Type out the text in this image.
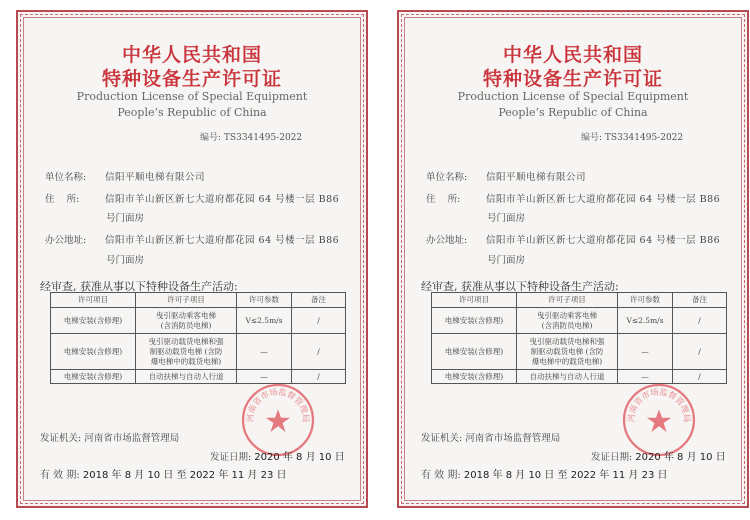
中华人民共和国
特种设备生产许可证
Production License of Special Equipment
People’s Republic of China
编号: TS3341495-2022
单位名称: 信阳平顺电梯有限公司
住    所:	信阳市羊山新区新七大道府都花园 64 号楼一层 B86
号门面房
办公地址: 信阳市羊山新区新七大道府都花园 64 号楼一层 B86
号门面房
经审查, 获准从事以下特种设备生产活动:
许可项目	许可子项目	许可参数	备注
电梯安装(含修理)	曳引驱动乘客电梯
(含消防员电梯)	V≤2.5m/s	/
电梯安装(含修理)	曳引驱动载货电梯和强
制驱动载货电梯 (含防
爆电梯中的载货电梯)	—	/
电梯安装(含修理)	自动扶梯与自动人行道	—	/
河南省市场监督管理局
发证机关: 河南省市场监督管理局
发证日期: 2020 年 8 月 10 日
有 效 期: 2018 年 8 月 10 日 至 2022 年 11 月 23 日
中华人民共和国
特种设备生产许可证
Production License of Special Equipment
People’s Republic of China
编号: TS3341495-2022
单位名称: 信阳平顺电梯有限公司
住    所:	信阳市羊山新区新七大道府都花园 64 号楼一层 B86
号门面房
办公地址: 信阳市羊山新区新七大道府都花园 64 号楼一层 B86
号门面房
经审查, 获准从事以下特种设备生产活动:
许可项目	许可子项目	许可参数	备注
电梯安装(含修理)	曳引驱动乘客电梯
(含消防员电梯)	V≤2.5m/s	/
电梯安装(含修理)	曳引驱动载货电梯和强
制驱动载货电梯 (含防
爆电梯中的载货电梯)	—	/
电梯安装(含修理)	自动扶梯与自动人行道	—	/
河南省市场监督管理局
发证机关: 河南省市场监督管理局
发证日期: 2020 年 8 月 10 日
有 效 期: 2018 年 8 月 10 日 至 2022 年 11 月 23 日
